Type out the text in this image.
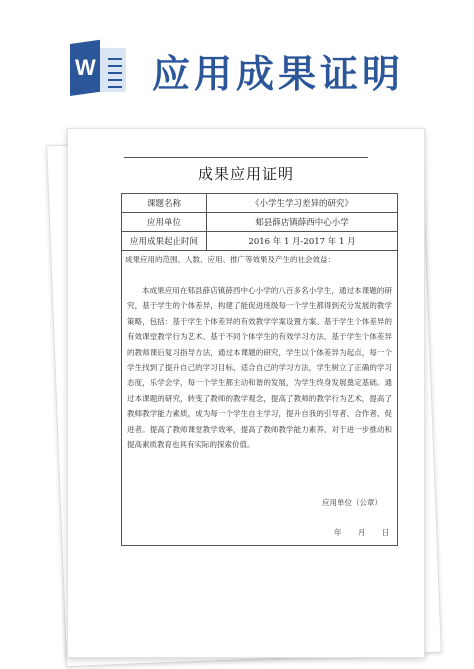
W 应用成果证明
成果应用证明
课题名称	《小学生学习差异的研究》
应用单位	郏县薛店镇薛西中心小学
应用成果起止时间	2016 年 1 月-2017 年 1 月
成果应用的范围、人数、应用、推广等效果及产生的社会效益：
本成果应用在郏县薛店镇薛西中心小学的八百多名小学生，通过本课题的研究，基于学生的个体差异，构建了能促进班级每一个学生都得到充分发展的教学策略，包括：基于学生个体差异的有效教学学案设置方案、基于学生个体差异的有效课堂教学行为艺术、基于不同个体学生的有效学习方法、基于学生个体差异的教师课后复习指导方法，通过本课题的研究，学生以个体差异为起点，每一个学生找到了提升自己的学习目标，适合自己的学习方法，学生树立了正确的学习态度，乐学会学，每一个学生都主动和谐的发展，为学生终身发展奠定基础。通过本课题的研究，转变了教师的教学观念，提高了教师的教学行为艺术，提高了教师教学能力素质，成为每一个学生自主学习，提升自我的引导者、合作者、促进者。提高了教师课堂教学效率，提高了教师教学能力素养，对于进一步推动和提高素质教育也具有实际的探索价值。
应用单位（公章）
年 月 日
